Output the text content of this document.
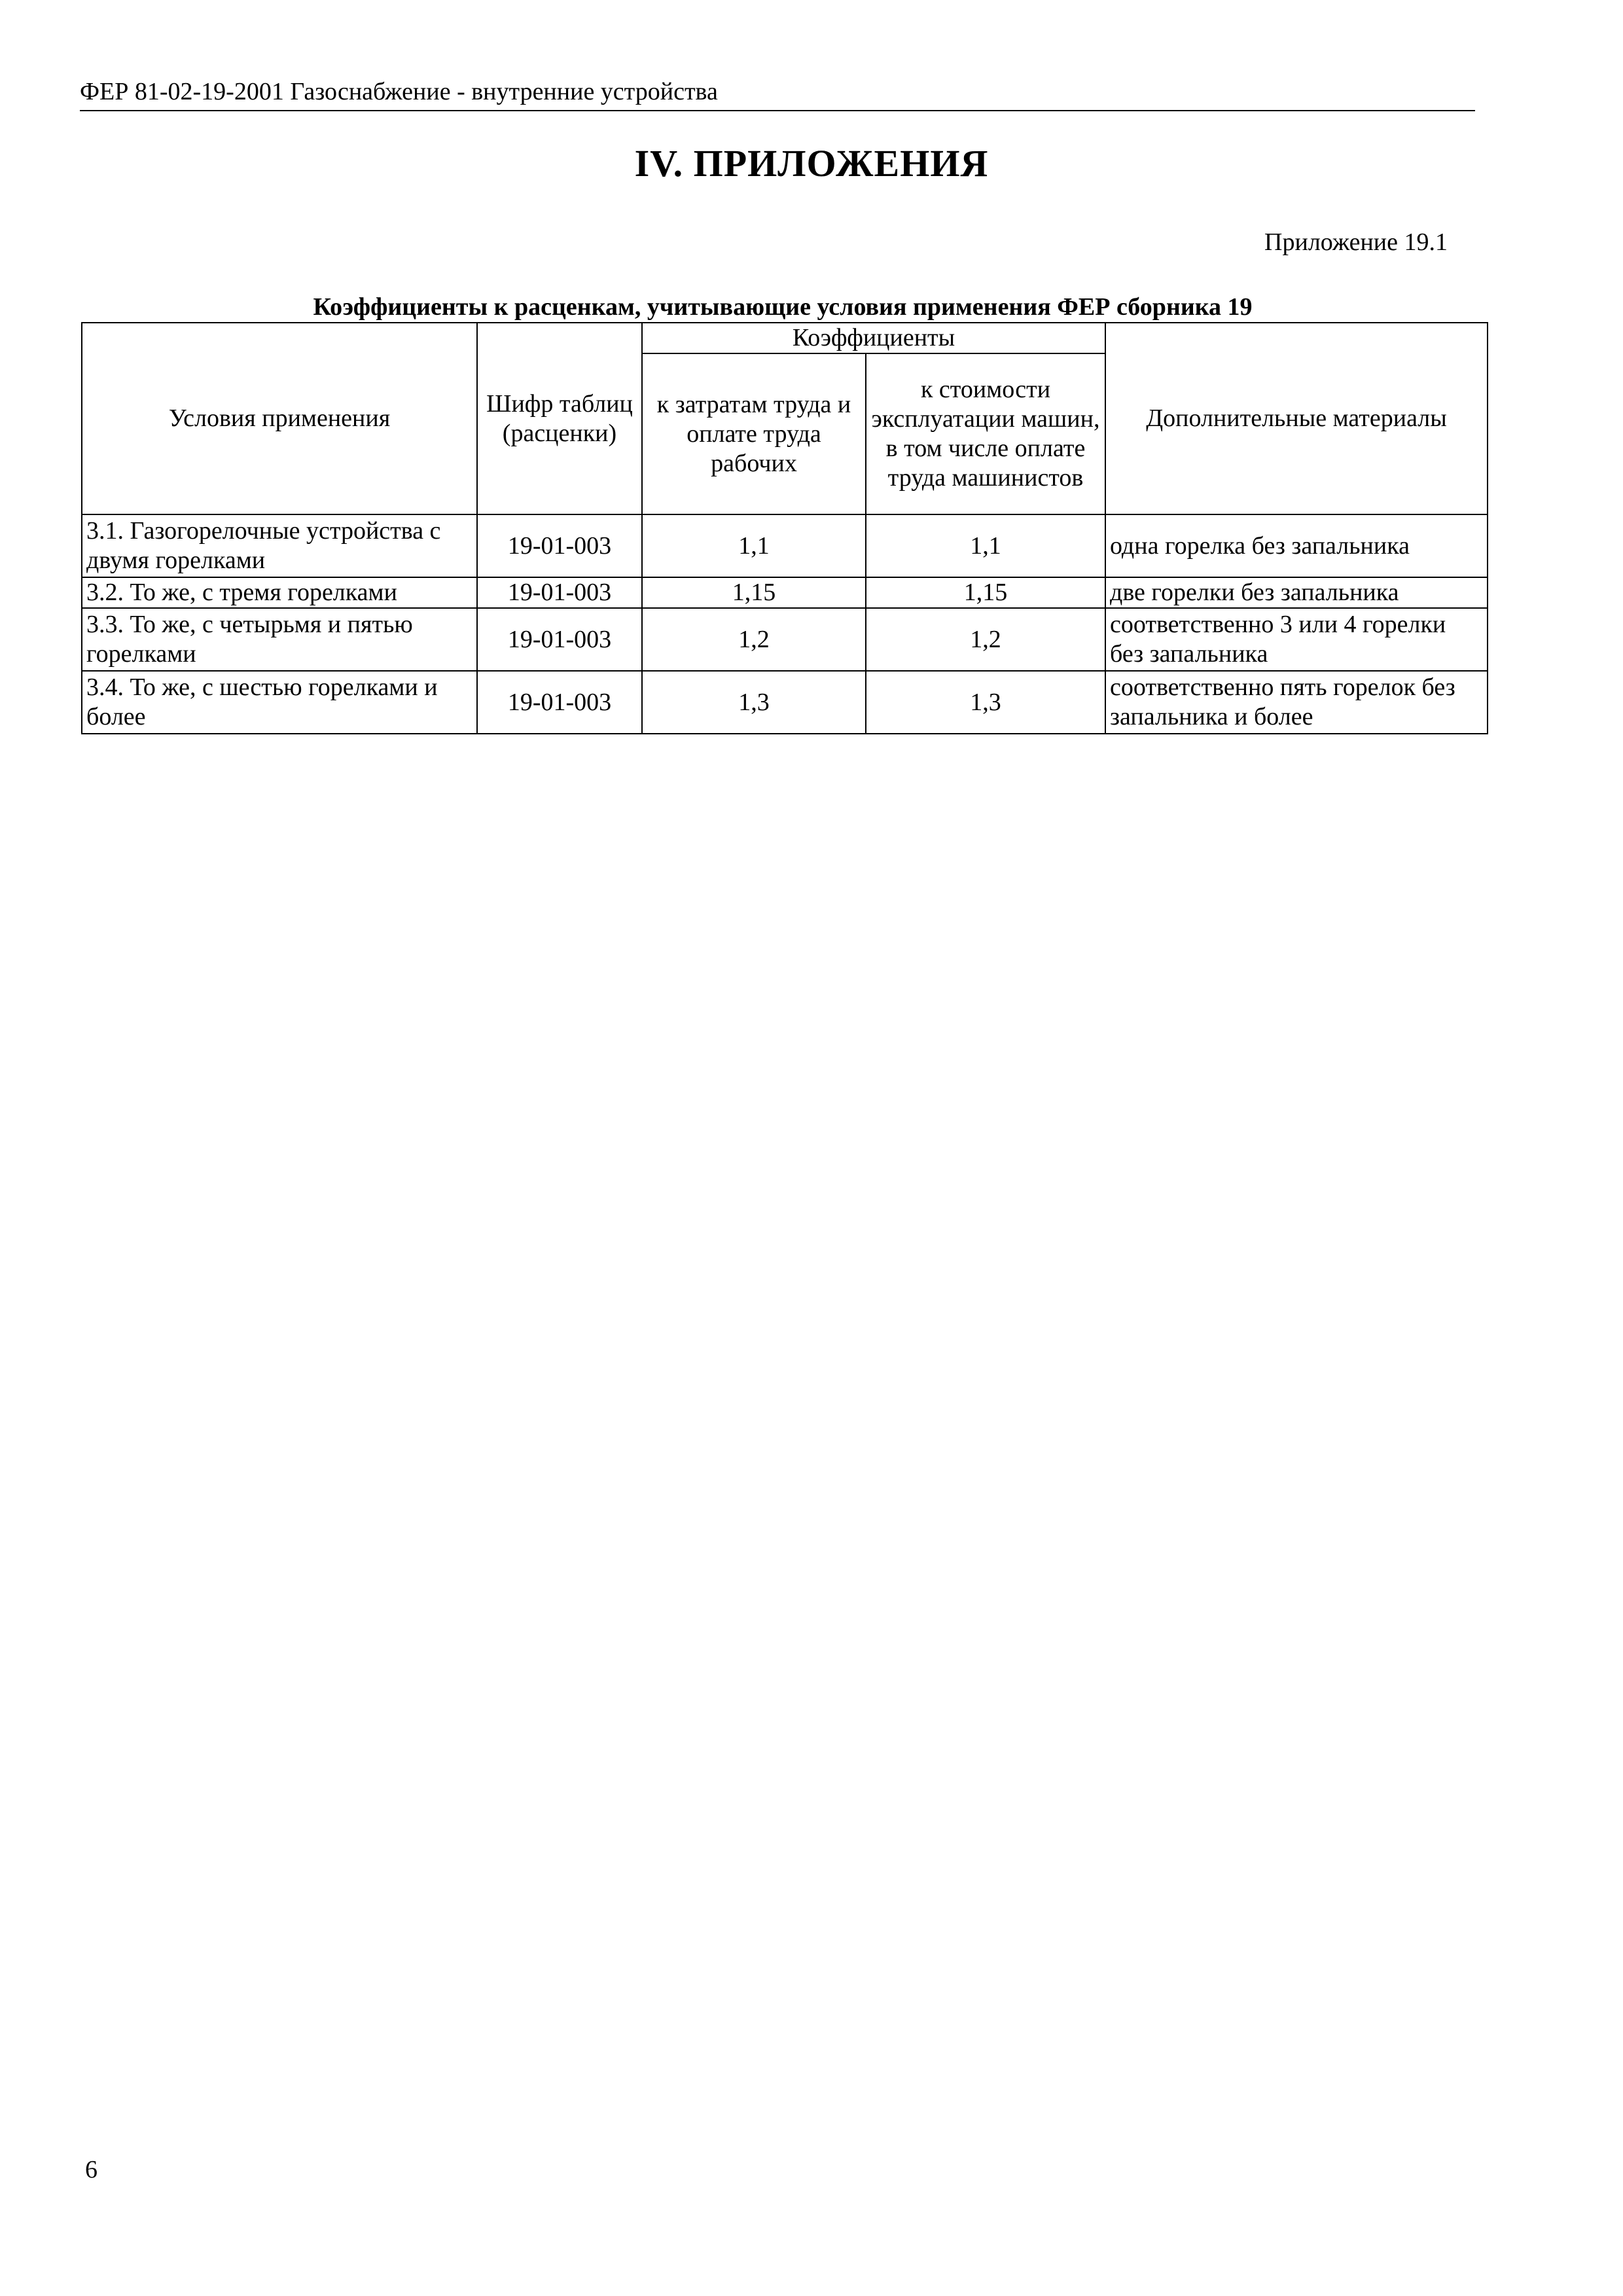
ФЕР 81-02-19-2001 Газоснабжение - внутренние устройства
IV. ПРИЛОЖЕНИЯ
Приложение 19.1
Коэффициенты к расценкам, учитывающие условия применения ФЕР сборника 19
Условия применения	Шифр таблиц (расценки)	Коэффициенты		Дополнительные материалы
		к затратам труда и оплате труда рабочих	к стоимости эксплуатации машин, в том числе оплате труда машинистов	
3.1. Газогорелочные устройства с двумя горелками	19-01-003	1,1	1,1	одна горелка без запальника
3.2. То же, с тремя горелками	19-01-003	1,15	1,15	две горелки без запальника
3.3. То же, с четырьмя и пятью горелками	19-01-003	1,2	1,2	соответственно 3 или 4 горелки без запальника
3.4. То же, с шестью горелками и более	19-01-003	1,3	1,3	соответственно пять горелок без запальника и более
6
